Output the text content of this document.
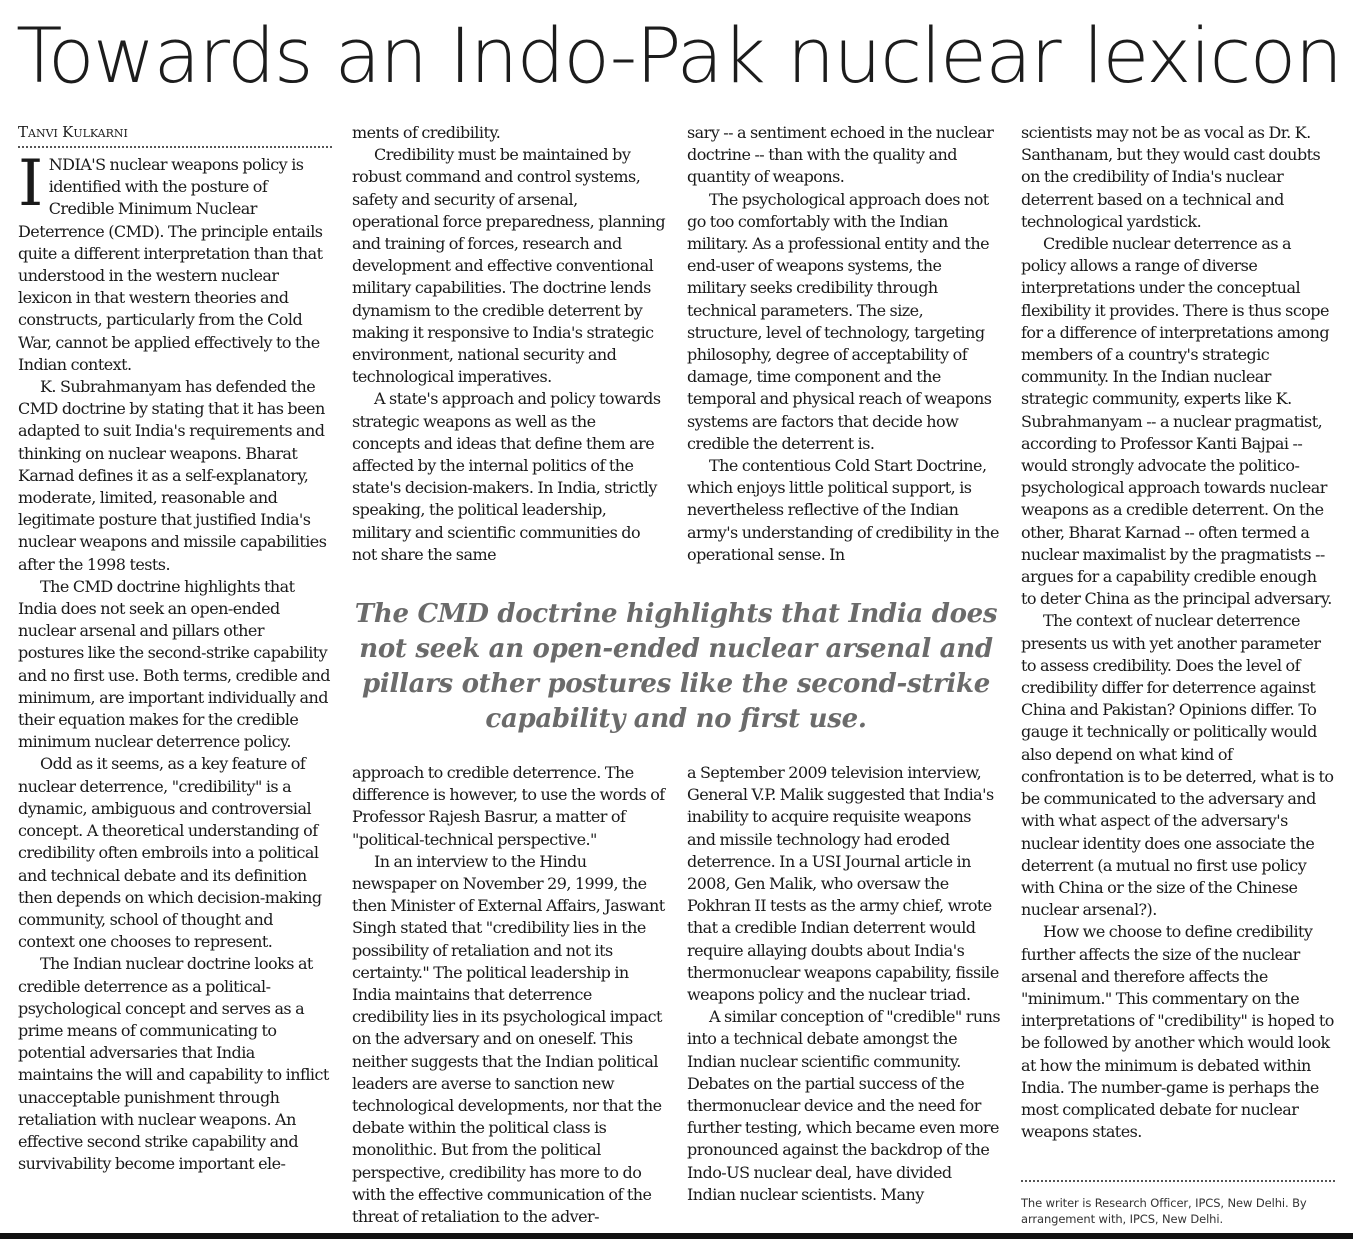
Towards an Indo-Pak nuclear lexicon
Tanvi Kulkarni

INDIA'S nuclear weapons policy is identified with the posture of Credible Minimum Nuclear Deterrence (CMD). The principle entails quite a different interpretation than that understood in the western nuclear lexicon in that western theories and constructs, particularly from the Cold War, cannot be applied effectively to the Indian context.

K. Subrahmanyam has defended the CMD doctrine by stating that it has been adapted to suit India's requirements and thinking on nuclear weapons. Bharat Karnad defines it as a self-explanatory, moderate, limited, reasonable and legitimate posture that justified India's nuclear weapons and missile capabilities after the 1998 tests.

The CMD doctrine highlights that India does not seek an open-ended nuclear arsenal and pillars other postures like the second-strike capability and no first use. Both terms, credible and minimum, are important individually and their equation makes for the credible minimum nuclear deterrence policy.

Odd as it seems, as a key feature of nuclear deterrence, "credibility" is a dynamic, ambiguous and controversial concept. A theoretical understanding of credibility often embroils into a political and technical debate and its definition then depends on which decision-making community, school of thought and context one chooses to represent.

The Indian nuclear doctrine looks at credible deterrence as a political-psychological concept and serves as a prime means of communicating to potential adversaries that India maintains the will and capability to inflict unacceptable punishment through retaliation with nuclear weapons. An effective second strike capability and survivability become important ele-

ments of credibility.

Credibility must be maintained by robust command and control systems, safety and security of arsenal, operational force preparedness, planning and training of forces, research and development and effective conventional military capabilities. The doctrine lends dynamism to the credible deterrent by making it responsive to India's strategic environment, national security and technological imperatives.

A state's approach and policy towards strategic weapons as well as the concepts and ideas that define them are affected by the internal politics of the state's decision-makers. In India, strictly speaking, the political leadership, military and scientific communities do not share the same

sary -- a sentiment echoed in the nuclear doctrine -- than with the quality and quantity of weapons.

The psychological approach does not go too comfortably with the Indian military. As a professional entity and the end-user of weapons systems, the military seeks credibility through technical parameters. The size, structure, level of technology, targeting philosophy, degree of acceptability of damage, time component and the temporal and physical reach of weapons systems are factors that decide how credible the deterrent is.

The contentious Cold Start Doctrine, which enjoys little political support, is nevertheless reflective of the Indian army's understanding of credibility in the operational sense. In

The CMD doctrine highlights that India does not seek an open-ended nuclear arsenal and pillars other postures like the second-strike capability and no first use.

approach to credible deterrence. The difference is however, to use the words of Professor Rajesh Basrur, a matter of "political-technical perspective."

In an interview to the Hindu newspaper on November 29, 1999, the then Minister of External Affairs, Jaswant Singh stated that "credibility lies in the possibility of retaliation and not its certainty." The political leadership in India maintains that deterrence credibility lies in its psychological impact on the adversary and on oneself. This neither suggests that the Indian political leaders are averse to sanction new technological developments, nor that the debate within the political class is monolithic. But from the political perspective, credibility has more to do with the effective communication of the threat of retaliation to the adver-

a September 2009 television interview, General V.P. Malik suggested that India's inability to acquire requisite weapons and missile technology had eroded deterrence. In a USI Journal article in 2008, Gen Malik, who oversaw the Pokhran II tests as the army chief, wrote that a credible Indian deterrent would require allaying doubts about India's thermonuclear weapons capability, fissile weapons policy and the nuclear triad.

A similar conception of "credible" runs into a technical debate amongst the Indian nuclear scientific community. Debates on the partial success of the thermonuclear device and the need for further testing, which became even more pronounced against the backdrop of the Indo-US nuclear deal, have divided Indian nuclear scientists. Many

scientists may not be as vocal as Dr. K. Santhanam, but they would cast doubts on the credibility of India's nuclear deterrent based on a technical and technological yardstick.

Credible nuclear deterrence as a policy allows a range of diverse interpretations under the conceptual flexibility it provides. There is thus scope for a difference of interpretations among members of a country's strategic community. In the Indian nuclear strategic community, experts like K. Subrahmanyam -- a nuclear pragmatist, according to Professor Kanti Bajpai -- would strongly advocate the politico-psychological approach towards nuclear weapons as a credible deterrent. On the other, Bharat Karnad -- often termed a nuclear maximalist by the pragmatists -- argues for a capability credible enough to deter China as the principal adversary.

The context of nuclear deterrence presents us with yet another parameter to assess credibility. Does the level of credibility differ for deterrence against China and Pakistan? Opinions differ. To gauge it technically or politically would also depend on what kind of confrontation is to be deterred, what is to be communicated to the adversary and with what aspect of the adversary's nuclear identity does one associate the deterrent (a mutual no first use policy with China or the size of the Chinese nuclear arsenal?).

How we choose to define credibility further affects the size of the nuclear arsenal and therefore affects the "minimum." This commentary on the interpretations of "credibility" is hoped to be followed by another which would look at how the minimum is debated within India. The number-game is perhaps the most complicated debate for nuclear weapons states.

The writer is Research Officer, IPCS, New Delhi. By arrangement with, IPCS, New Delhi.
